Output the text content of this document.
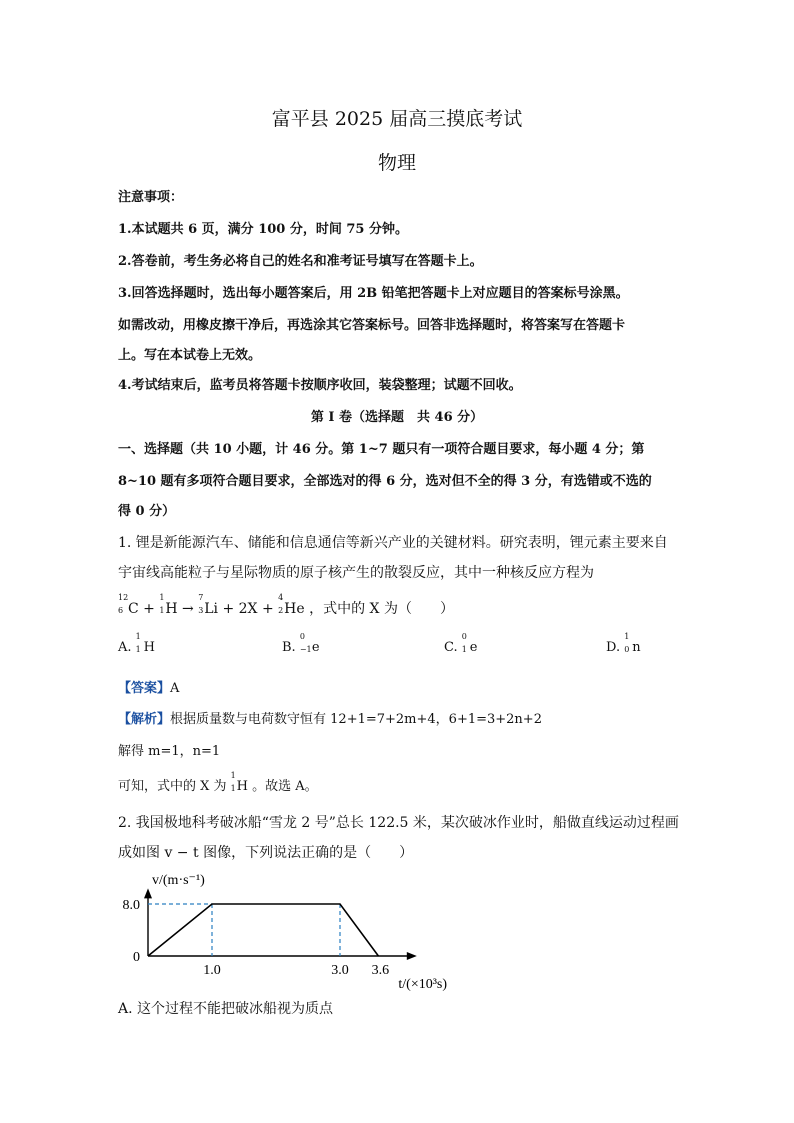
富平县 2025 届高三摸底考试
物理
注意事项：
1.本试题共 6 页，满分 100 分，时间 75 分钟。
2.答卷前，考生务必将自己的姓名和准考证号填写在答题卡上。
3.回答选择题时，选出每小题答案后，用 2B 铅笔把答题卡上对应题目的答案标号涂黑。
如需改动，用橡皮擦干净后，再选涂其它答案标号。回答非选择题时，将答案写在答题卡
上。写在本试卷上无效。
4.考试结束后，监考员将答题卡按顺序收回，装袋整理；试题不回收。
第 I 卷（选择题　共 46 分）
一、选择题（共 10 小题，计 46 分。第 1~7 题只有一项符合题目要求，每小题 4 分；第
8~10 题有多项符合题目要求，全部选对的得 6 分，选对但不全的得 3 分，有选错或不选的
得 0 分）
1. 锂是新能源汽车、储能和信息通信等新兴产业的关键材料。研究表明，锂元素主要来自
宇宙线高能粒子与星际物质的原子核产生的散裂反应，其中一种核反应方程为
12
6 C +
1
1 H →
7
3 Li + 2X +
4
2 He ，式中的 X 为（　　）
A.
1
1 H	B.
0
−1 e	C.
0
1 e	D.
1
0 n
【答案】A
【解析】根据质量数与电荷数守恒有 12+1=7+2m+4，6+1=3+2n+2
解得 m=1，n=1
可知，式中的 X 为
1
1 H 。故选 A。
2. 我国极地科考破冰船“雪龙 2 号”总长 122.5 米，某次破冰作业时，船做直线运动过程画
成如图 v − t 图像，下列说法正确的是（　　）
8.0
0
1.0	3.0 3.6
v/(m·s⁻¹)
t/(×10³s)
A. 这个过程不能把破冰船视为质点
